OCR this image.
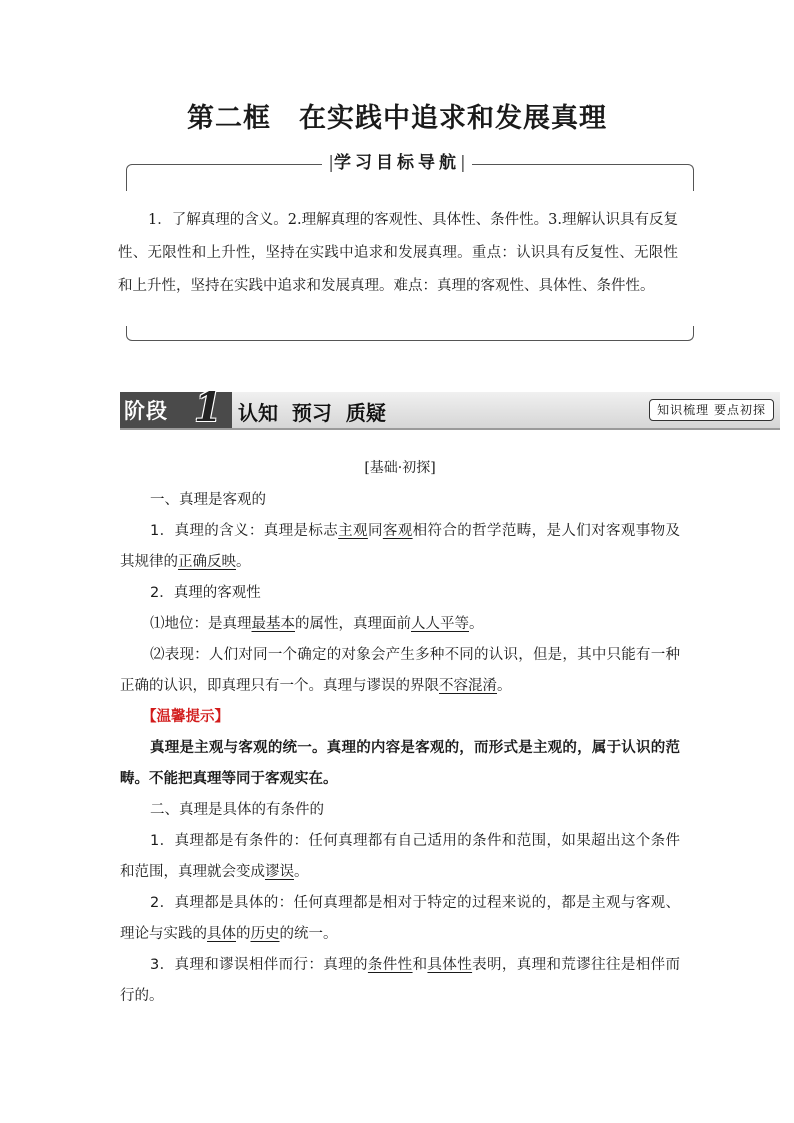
第二框　在实践中追求和发展真理
|学习目标导航|
1．了解真理的含义。2.理解真理的客观性、具体性、条件性。3.理解认识具有反复性、无限性和上升性，坚持在实践中追求和发展真理。重点：认识具有反复性、无限性和上升性，坚持在实践中追求和发展真理。难点：真理的客观性、具体性、条件性。
阶段 1 认知  预习  质疑	知识梳理 要点初探
[基础·初探]
一、真理是客观的
1．真理的含义：真理是标志主观同客观相符合的哲学范畴，是人们对客观事物及其规律的正确反映。
2．真理的客观性
⑴地位：是真理最基本的属性，真理面前人人平等。
⑵表现：人们对同一个确定的对象会产生多种不同的认识，但是，其中只能有一种正确的认识，即真理只有一个。真理与谬误的界限不容混淆。
【温馨提示】
真理是主观与客观的统一。真理的内容是客观的，而形式是主观的，属于认识的范畴。不能把真理等同于客观实在。
二、真理是具体的有条件的
1．真理都是有条件的：任何真理都有自己适用的条件和范围，如果超出这个条件和范围，真理就会变成谬误。
2．真理都是具体的：任何真理都是相对于特定的过程来说的，都是主观与客观、理论与实践的具体的历史的统一。
3．真理和谬误相伴而行：真理的条件性和具体性表明，真理和荒谬往往是相伴而行的。
